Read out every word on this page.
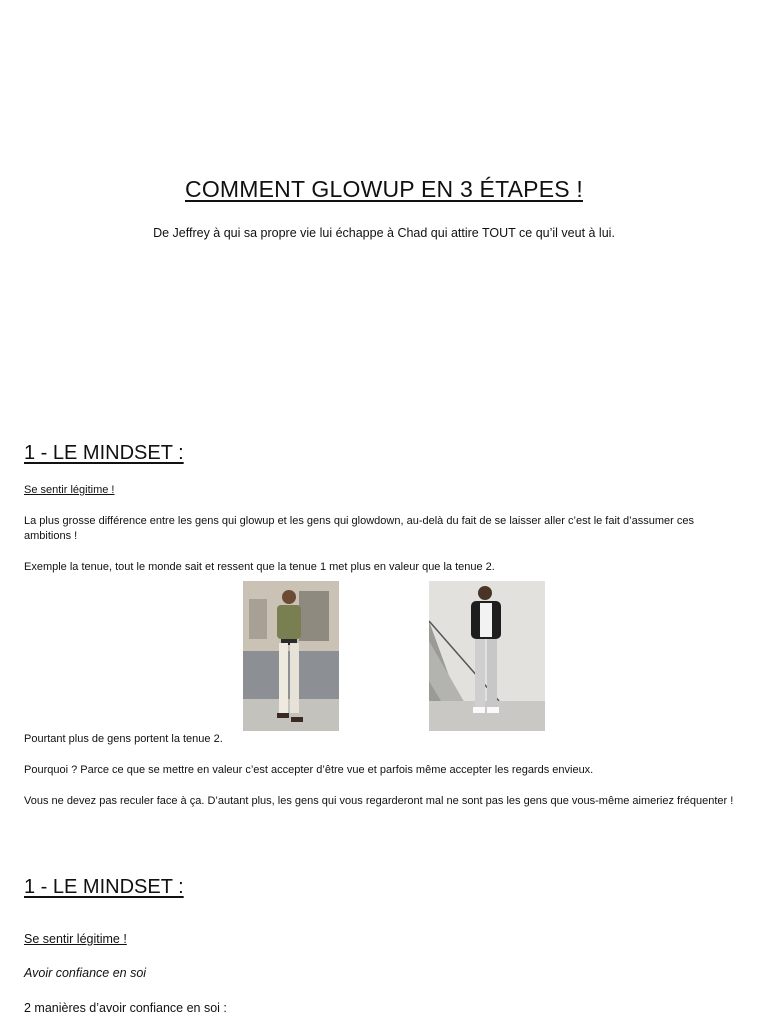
COMMENT GLOWUP EN 3 ÉTAPES !
De Jeffrey à qui sa propre vie lui échappe à Chad qui attire TOUT ce qu’il veut à lui.
1 - LE MINDSET :
Se sentir légitime !
La plus grosse différence entre les gens qui glowup et les gens qui glowdown, au-delà du fait de se laisser aller c’est le fait d’assumer ces ambitions !
Exemple la tenue, tout le monde sait et ressent que la tenue 1 met plus en valeur que la tenue 2.
Pourtant plus de gens portent la tenue 2.
Pourquoi ? Parce ce que se mettre en valeur c’est accepter d’être vue et parfois même accepter les regards envieux.
Vous ne devez pas reculer face à ça. D’autant plus, les gens qui vous regarderont mal ne sont pas les gens que vous-même aimeriez fréquenter !
1 - LE MINDSET :
Se sentir légitime !
Avoir confiance en soi
2 manières d’avoir confiance en soi :
